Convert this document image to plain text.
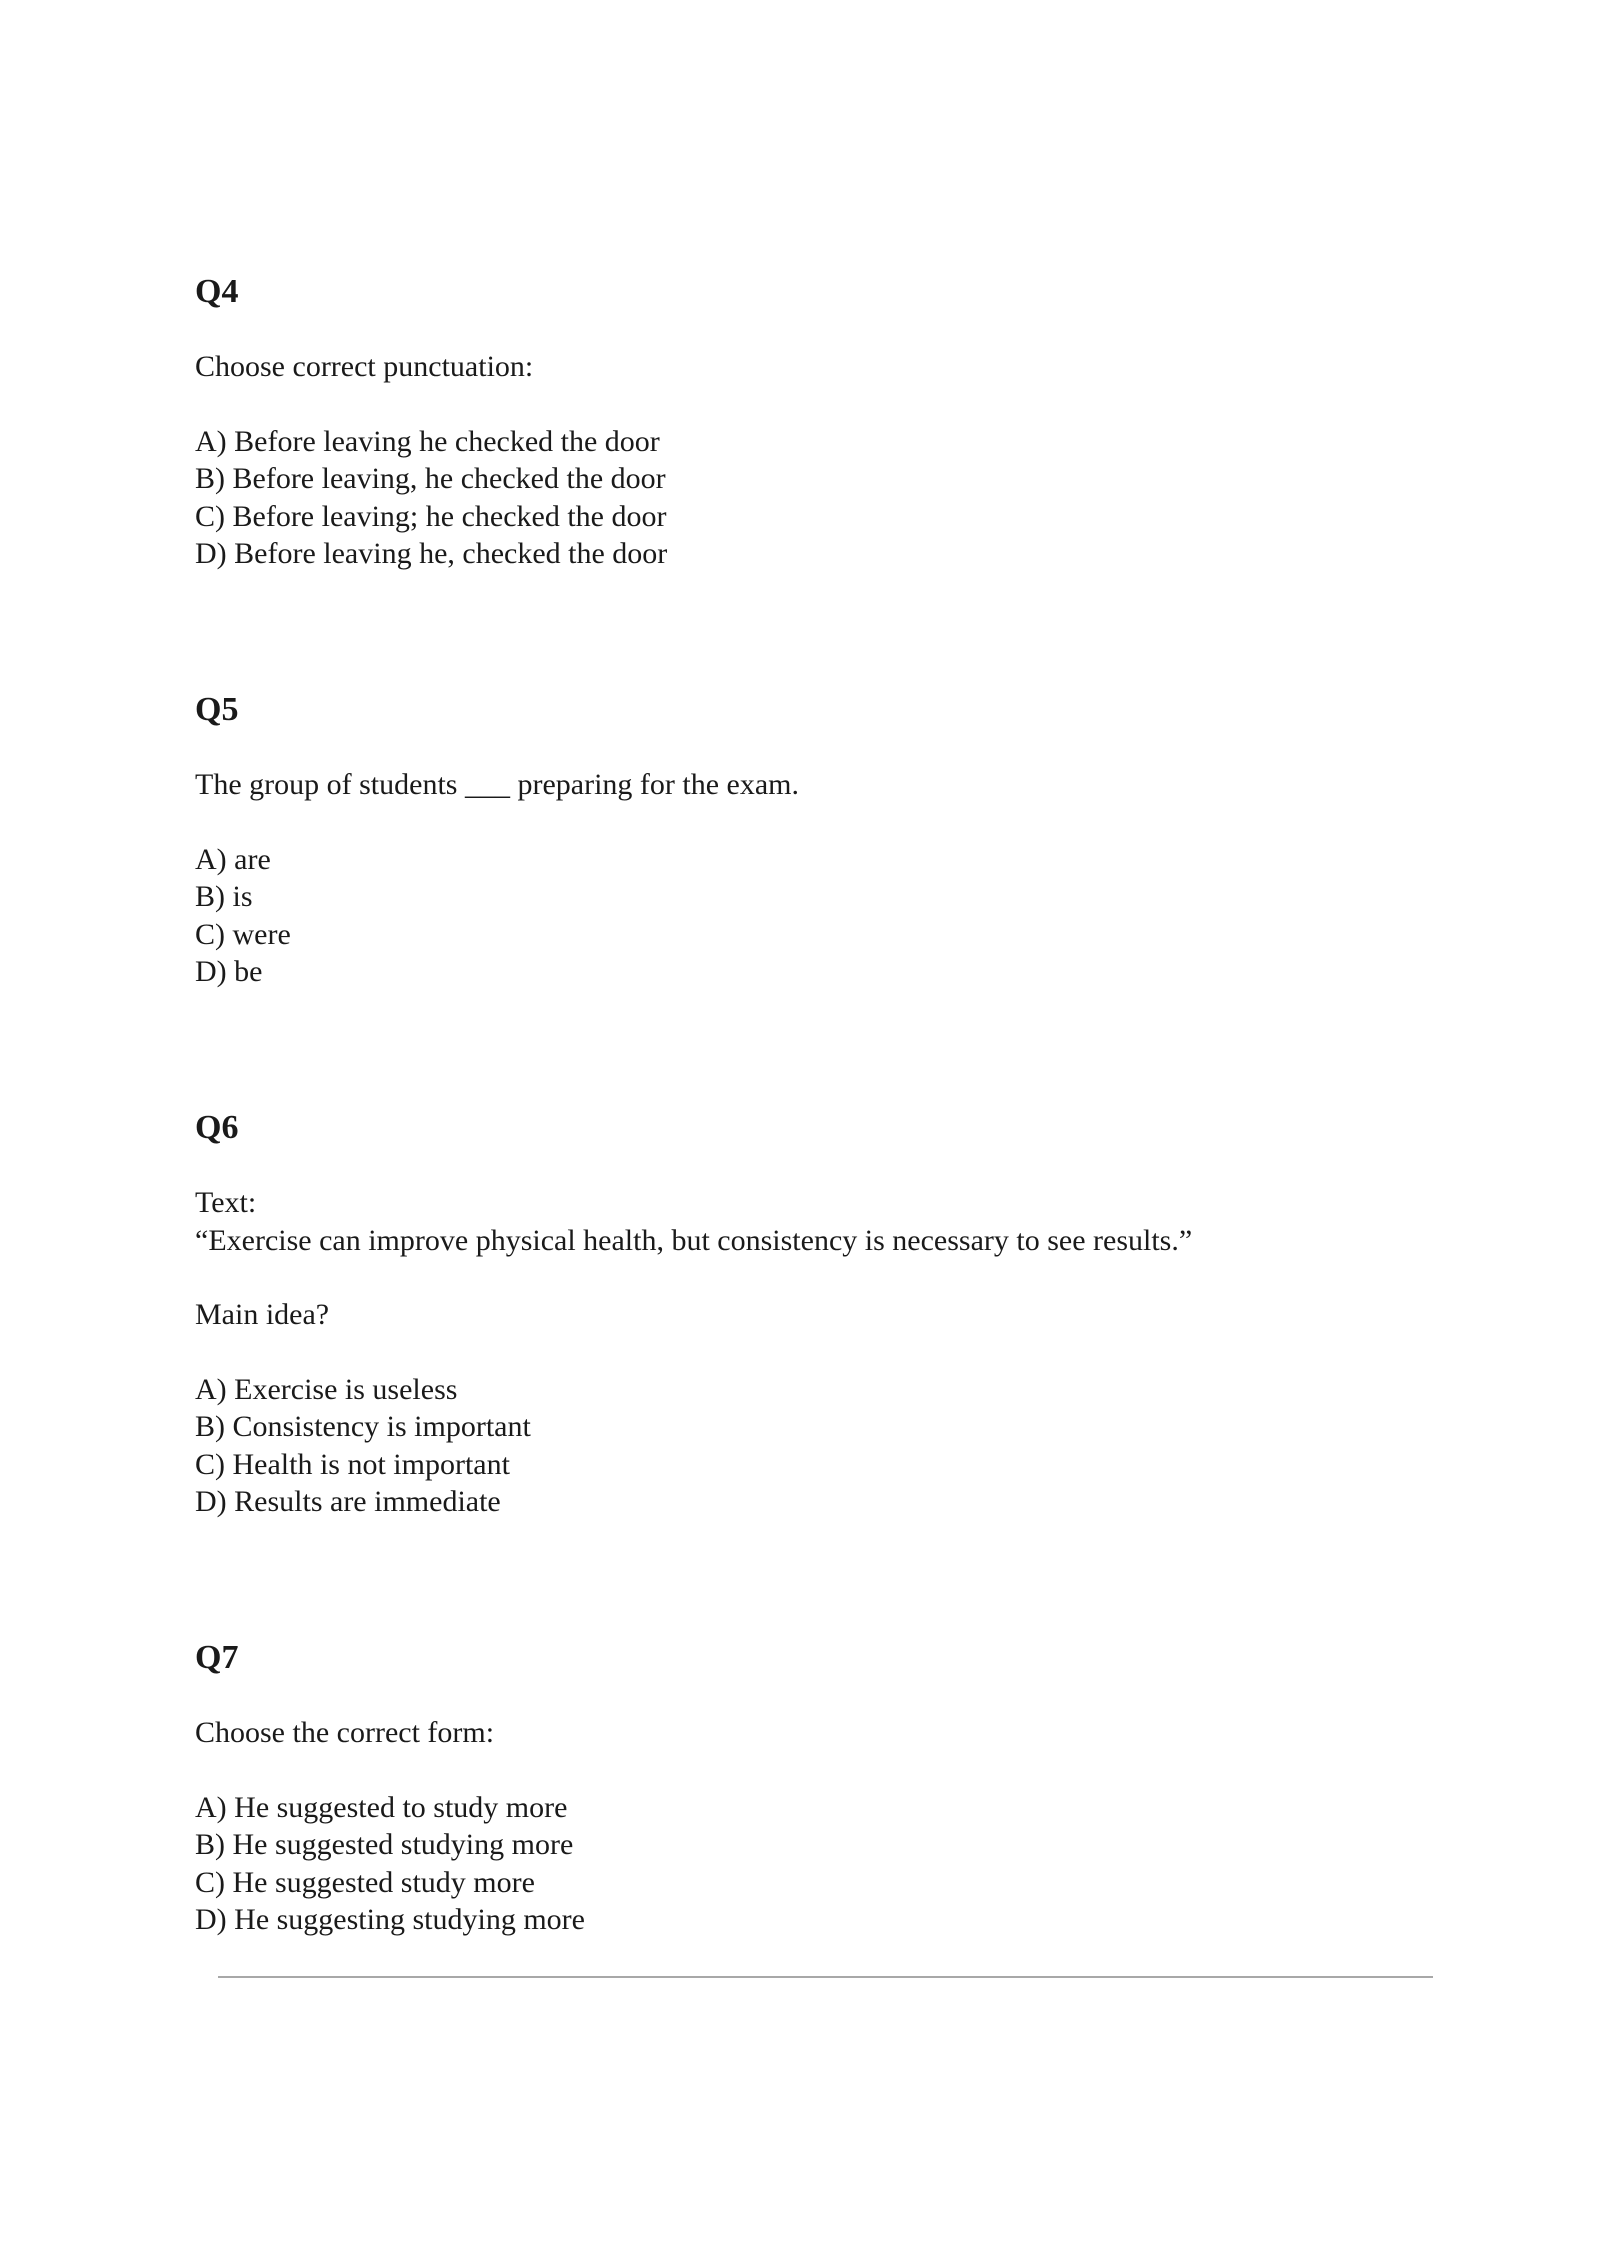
Q4

Choose correct punctuation:

A) Before leaving he checked the door

B) Before leaving, he checked the door

C) Before leaving; he checked the door

D) Before leaving he, checked the door

Q5

The group of students ___ preparing for the exam.

A) are

B) is

C) were

D) be

Q6

Text:

“Exercise can improve physical health, but consistency is necessary to see results.”

Main idea?

A) Exercise is useless

B) Consistency is important

C) Health is not important

D) Results are immediate

Q7

Choose the correct form:

A) He suggested to study more

B) He suggested studying more

C) He suggested study more

D) He suggesting studying more
